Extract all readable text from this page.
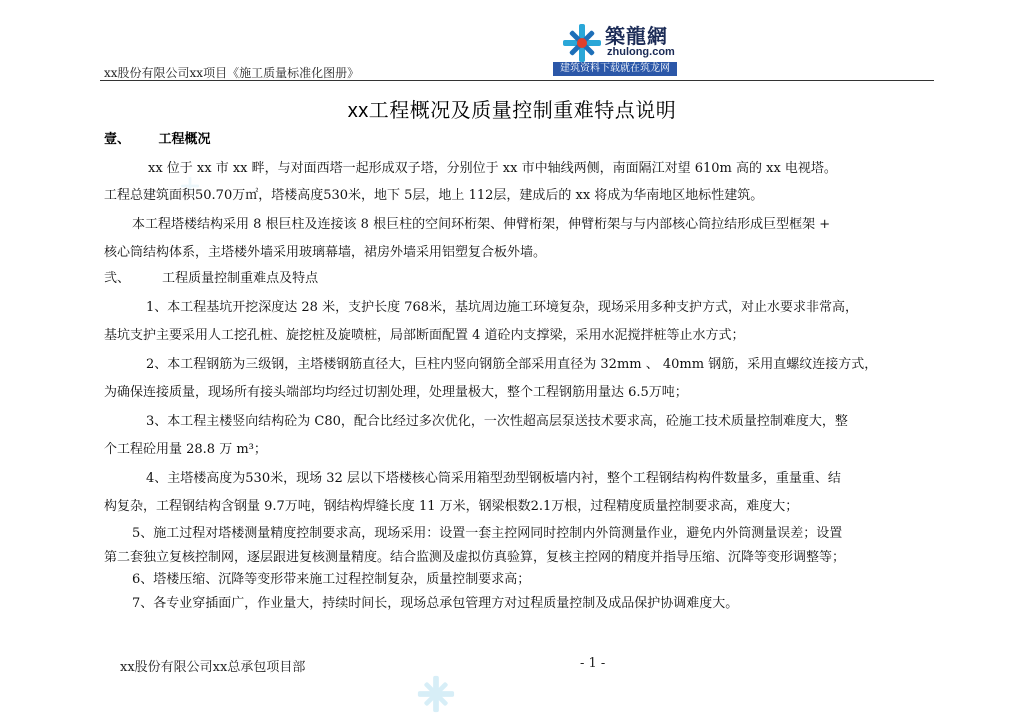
築龍網
zhulong.com
建筑资料下载就在筑龙网
xx股份有限公司xx项目《施工质量标准化图册》
xx工程概况及质量控制重难特点说明
壹、 工程概况
xx 位于 xx 市 xx 畔，与对面西塔一起形成双子塔，分别位于 xx 市中轴线两侧，南面隔江对望 610m 高的 xx 电视塔。
工程总建筑面积50.70万㎡，塔楼高度530米，地下 5层，地上 112层，建成后的 xx 将成为华南地区地标性建筑。
本工程塔楼结构采用 8 根巨柱及连接该 8 根巨柱的空间环桁架、伸臂桁架，伸臂桁架与与内部核心筒拉结形成巨型框架 +
核心筒结构体系，主塔楼外墙采用玻璃幕墙，裙房外墙采用铝塑复合板外墙。
弐、 工程质量控制重难点及特点
1、本工程基坑开挖深度达 28 米，支护长度 768米，基坑周边施工环境复杂，现场采用多种支护方式，对止水要求非常高，
基坑支护主要采用人工挖孔桩、旋挖桩及旋喷桩，局部断面配置 4 道砼内支撑梁，采用水泥搅拌桩等止水方式；
2、本工程钢筋为三级钢，主塔楼钢筋直径大，巨柱内竖向钢筋全部采用直径为 32mm 、 40mm 钢筋，采用直螺纹连接方式，
为确保连接质量，现场所有接头端部均均经过切割处理，处理量极大，整个工程钢筋用量达 6.5万吨；
3、本工程主楼竖向结构砼为 C80，配合比经过多次优化，一次性超高层泵送技术要求高，砼施工技术质量控制难度大，整
个工程砼用量 28.8 万 m³；
4、主塔楼高度为530米，现场 32 层以下塔楼核心筒采用箱型劲型钢板墙内衬，整个工程钢结构构件数量多，重量重、结
构复杂，工程钢结构含钢量 9.7万吨，钢结构焊缝长度 11 万米，钢梁根数2.1万根，过程精度质量控制要求高，难度大；
5、施工过程对塔楼测量精度控制要求高，现场采用：设置一套主控网同时控制内外筒测量作业，避免内外筒测量误差；设置
第二套独立复核控制网，逐层跟进复核测量精度。结合监测及虚拟仿真验算，复核主控网的精度并指导压缩、沉降等变形调整等；
6、塔楼压缩、沉降等变形带来施工过程控制复杂，质量控制要求高；
7、各专业穿插面广，作业量大，持续时间长，现场总承包管理方对过程质量控制及成品保护协调难度大。
xx股份有限公司xx总承包项目部	- 1 -
